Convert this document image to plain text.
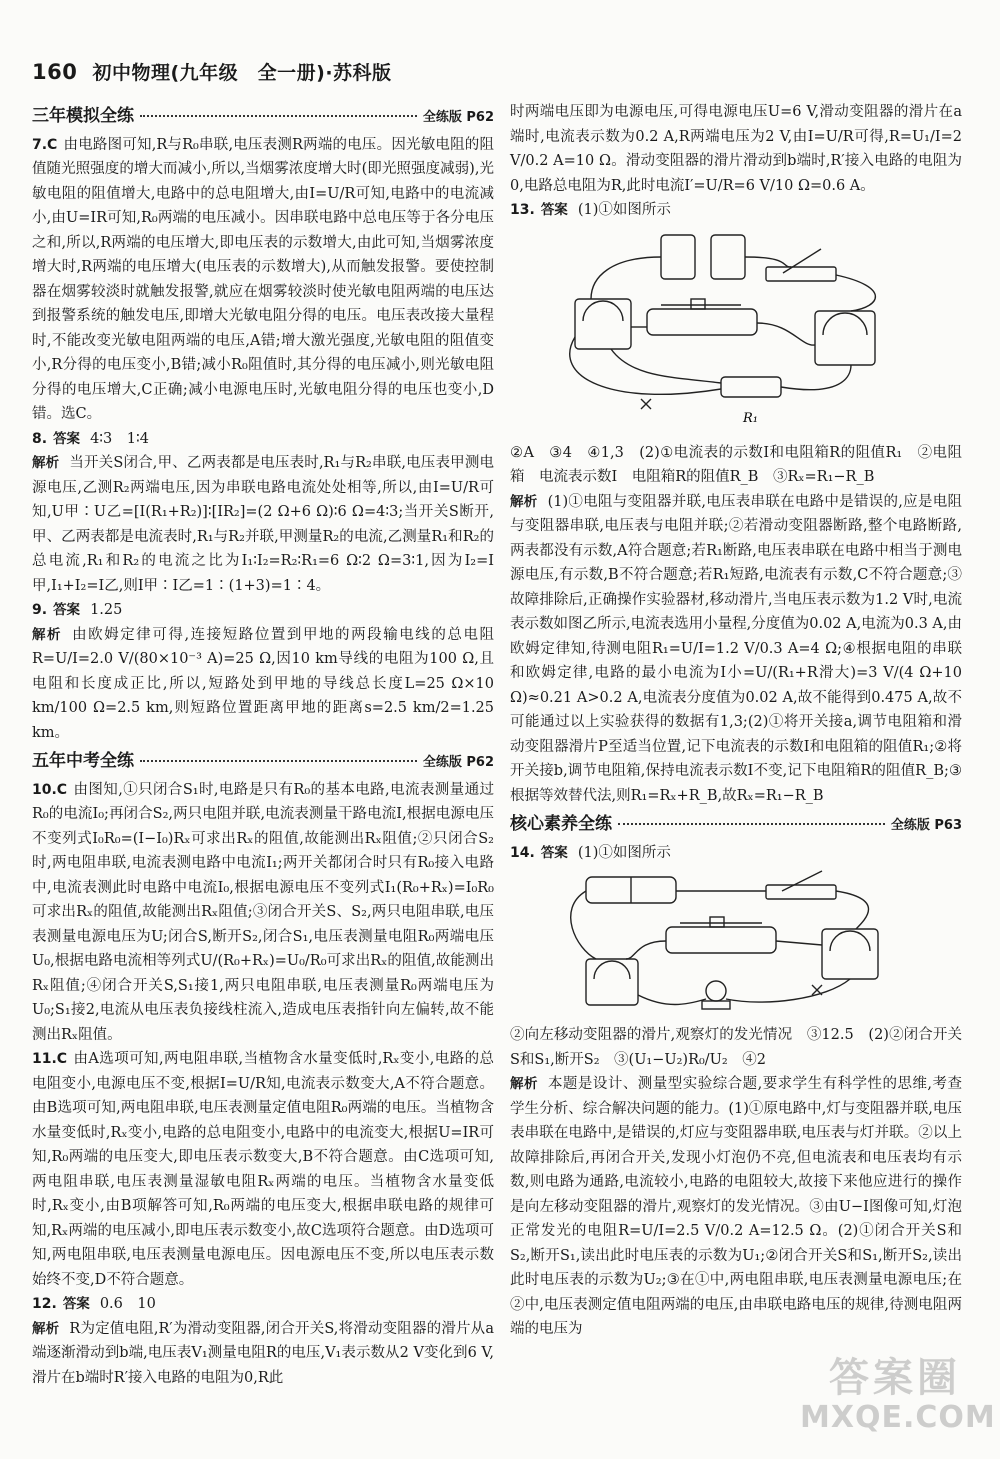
160 初中物理(九年级　全一册)·苏科版
三年模拟全练	全练版 P62

7.C 由电路图可知,R与R₀串联,电压表测R两端的电压。因光敏电阻的阻值随光照强度的增大而减小,所以,当烟雾浓度增大时(即光照强度减弱),光敏电阻的阻值增大,电路中的总电阻增大,由I=U/R可知,电路中的电流减小,由U=IR可知,R₀两端的电压减小。因串联电路中总电压等于各分电压之和,所以,R两端的电压增大,即电压表的示数增大,由此可知,当烟雾浓度增大时,R两端的电压增大(电压表的示数增大),从而触发报警。要使控制器在烟雾较淡时就触发报警,就应在烟雾较淡时使光敏电阻两端的电压达到报警系统的触发电压,即增大光敏电阻分得的电压。电压表改接大量程时,不能改变光敏电阻两端的电压,A错;增大激光强度,光敏电阻的阻值变小,R分得的电压变小,B错;减小R₀阻值时,其分得的电压减小,则光敏电阻分得的电压增大,C正确;减小电源电压时,光敏电阻分得的电压也变小,D错。选C。

8. 答案 4∶3　1∶4

解析 当开关S闭合,甲、乙两表都是电压表时,R₁与R₂串联,电压表甲测电源电压,乙测R₂两端电压,因为串联电路电流处处相等,所以,由I=U/R可知,U甲∶U乙=[I(R₁+R₂)]∶[IR₂]=(2 Ω+6 Ω)∶6 Ω=4∶3;当开关S断开,甲、乙两表都是电流表时,R₁与R₂并联,甲测量R₂的电流,乙测量R₁和R₂的总电流,R₁和R₂的电流之比为I₁∶I₂=R₂∶R₁=6 Ω∶2 Ω=3∶1,因为I₂=I甲,I₁+I₂=I乙,则I甲∶I乙=1∶(1+3)=1∶4。

9. 答案 1.25

解析 由欧姆定律可得,连接短路位置到甲地的两段输电线的总电阻R=U/I=2.0 V/(80×10⁻³ A)=25 Ω,因10 km导线的电阻为100 Ω,且电阻和长度成正比,所以,短路处到甲地的导线总长度L=25 Ω×10 km/100 Ω=2.5 km,则短路位置距离甲地的距离s=2.5 km/2=1.25 km。

五年中考全练	全练版 P62

10.C 由图知,①只闭合S₁时,电路是只有R₀的基本电路,电流表测量通过R₀的电流I₀;再闭合S₂,两只电阻并联,电流表测量干路电流I,根据电源电压不变列式I₀R₀=(I−I₀)Rₓ可求出Rₓ的阻值,故能测出Rₓ阻值;②只闭合S₂时,两电阻串联,电流表测电路中电流I₁;两开关都闭合时只有R₀接入电路中,电流表测此时电路中电流I₀,根据电源电压不变列式I₁(R₀+Rₓ)=I₀R₀可求出Rₓ的阻值,故能测出Rₓ阻值;③闭合开关S、S₂,两只电阻串联,电压表测量电源电压为U;闭合S,断开S₂,闭合S₁,电压表测量电阻R₀两端电压U₀,根据电路电流相等列式U/(R₀+Rₓ)=U₀/R₀可求出Rₓ的阻值,故能测出Rₓ阻值;④闭合开关S,S₁接1,两只电阻串联,电压表测量R₀两端电压为U₀;S₁接2,电流从电压表负接线柱流入,造成电压表指针向左偏转,故不能测出Rₓ阻值。

11.C 由A选项可知,两电阻串联,当植物含水量变低时,Rₓ变小,电路的总电阻变小,电源电压不变,根据I=U/R知,电流表示数变大,A不符合题意。由B选项可知,两电阻串联,电压表测量定值电阻R₀两端的电压。当植物含水量变低时,Rₓ变小,电路的总电阻变小,电路中的电流变大,根据U=IR可知,R₀两端的电压变大,即电压表示数变大,B不符合题意。由C选项可知,两电阻串联,电压表测量湿敏电阻Rₓ两端的电压。当植物含水量变低时,Rₓ变小,由B项解答可知,R₀两端的电压变大,根据串联电路的规律可知,Rₓ两端的电压减小,即电压表示数变小,故C选项符合题意。由D选项可知,两电阻串联,电压表测量电源电压。因电源电压不变,所以电压表示数始终不变,D不符合题意。

12. 答案 0.6　10

解析 R为定值电阻,R′为滑动变阻器,闭合开关S,将滑动变阻器的滑片从a端逐渐滑动到b端,电压表V₁测量电阻R的电压,V₁表示数从2 V变化到6 V,滑片在b端时R′接入电路的电阻为0,R此

时两端电压即为电源电压,可得电源电压U=6 V,滑动变阻器的滑片在a端时,电流表示数为0.2 A,R两端电压为2 V,由I=U/R可得,R=U₁/I=2 V/0.2 A=10 Ω。滑动变阻器的滑片滑动到b端时,R′接入电路的电阻为0,电路总电阻为R,此时电流I′=U/R=6 V/10 Ω=0.6 A。

13. 答案 (1)①如图所示

R₁

②A　③4　④1,3　(2)①电流表的示数I和电阻箱R的阻值R₁　②电阻箱　电流表示数I　电阻箱R的阻值R_B　③Rₓ=R₁−R_B

解析 (1)①电阻与变阻器并联,电压表串联在电路中是错误的,应是电阻与变阻器串联,电压表与电阻并联;②若滑动变阻器断路,整个电路断路,两表都没有示数,A符合题意;若R₁断路,电压表串联在电路中相当于测电源电压,有示数,B不符合题意;若R₁短路,电流表有示数,C不符合题意;③故障排除后,正确操作实验器材,移动滑片,当电压表示数为1.2 V时,电流表示数如图乙所示,电流表选用小量程,分度值为0.02 A,电流为0.3 A,由欧姆定律知,待测电阻R₁=U/I=1.2 V/0.3 A=4 Ω;④根据电阻的串联和欧姆定律,电路的最小电流为I小=U/(R₁+R滑大)=3 V/(4 Ω+10 Ω)≈0.21 A>0.2 A,电流表分度值为0.02 A,故不能得到0.475 A,故不可能通过以上实验获得的数据有1,3;(2)①将开关接a,调节电阻箱和滑动变阻器滑片P至适当位置,记下电流表的示数I和电阻箱的阻值R₁;②将开关接b,调节电阻箱,保持电流表示数I不变,记下电阻箱R的阻值R_B;③根据等效替代法,则R₁=Rₓ+R_B,故Rₓ=R₁−R_B

核心素养全练	全练版 P63

14. 答案 (1)①如图所示

②向左移动变阻器的滑片,观察灯的发光情况　③12.5　(2)②闭合开关S和S₁,断开S₂　③(U₁−U₂)R₀/U₂　④2

解析 本题是设计、测量型实验综合题,要求学生有科学性的思维,考查学生分析、综合解决问题的能力。(1)①原电路中,灯与变阻器并联,电压表串联在电路中,是错误的,灯应与变阻器串联,电压表与灯并联。②以上故障排除后,再闭合开关,发现小灯泡仍不亮,但电流表和电压表均有示数,则电路为通路,电流较小,电路的电阻较大,故接下来他应进行的操作是向左移动变阻器的滑片,观察灯的发光情况。③由U−I图像可知,灯泡正常发光的电阻R=U/I=2.5 V/0.2 A=12.5 Ω。(2)①闭合开关S和S₂,断开S₁,读出此时电压表的示数为U₁;②闭合开关S和S₁,断开S₂,读出此时电压表的示数为U₂;③在①中,两电阻串联,电压表测量电源电压;在②中,电压表测定值电阻两端的电压,由串联电路电压的规律,待测电阻两端的电压为

答案圈
MXQE.COM
